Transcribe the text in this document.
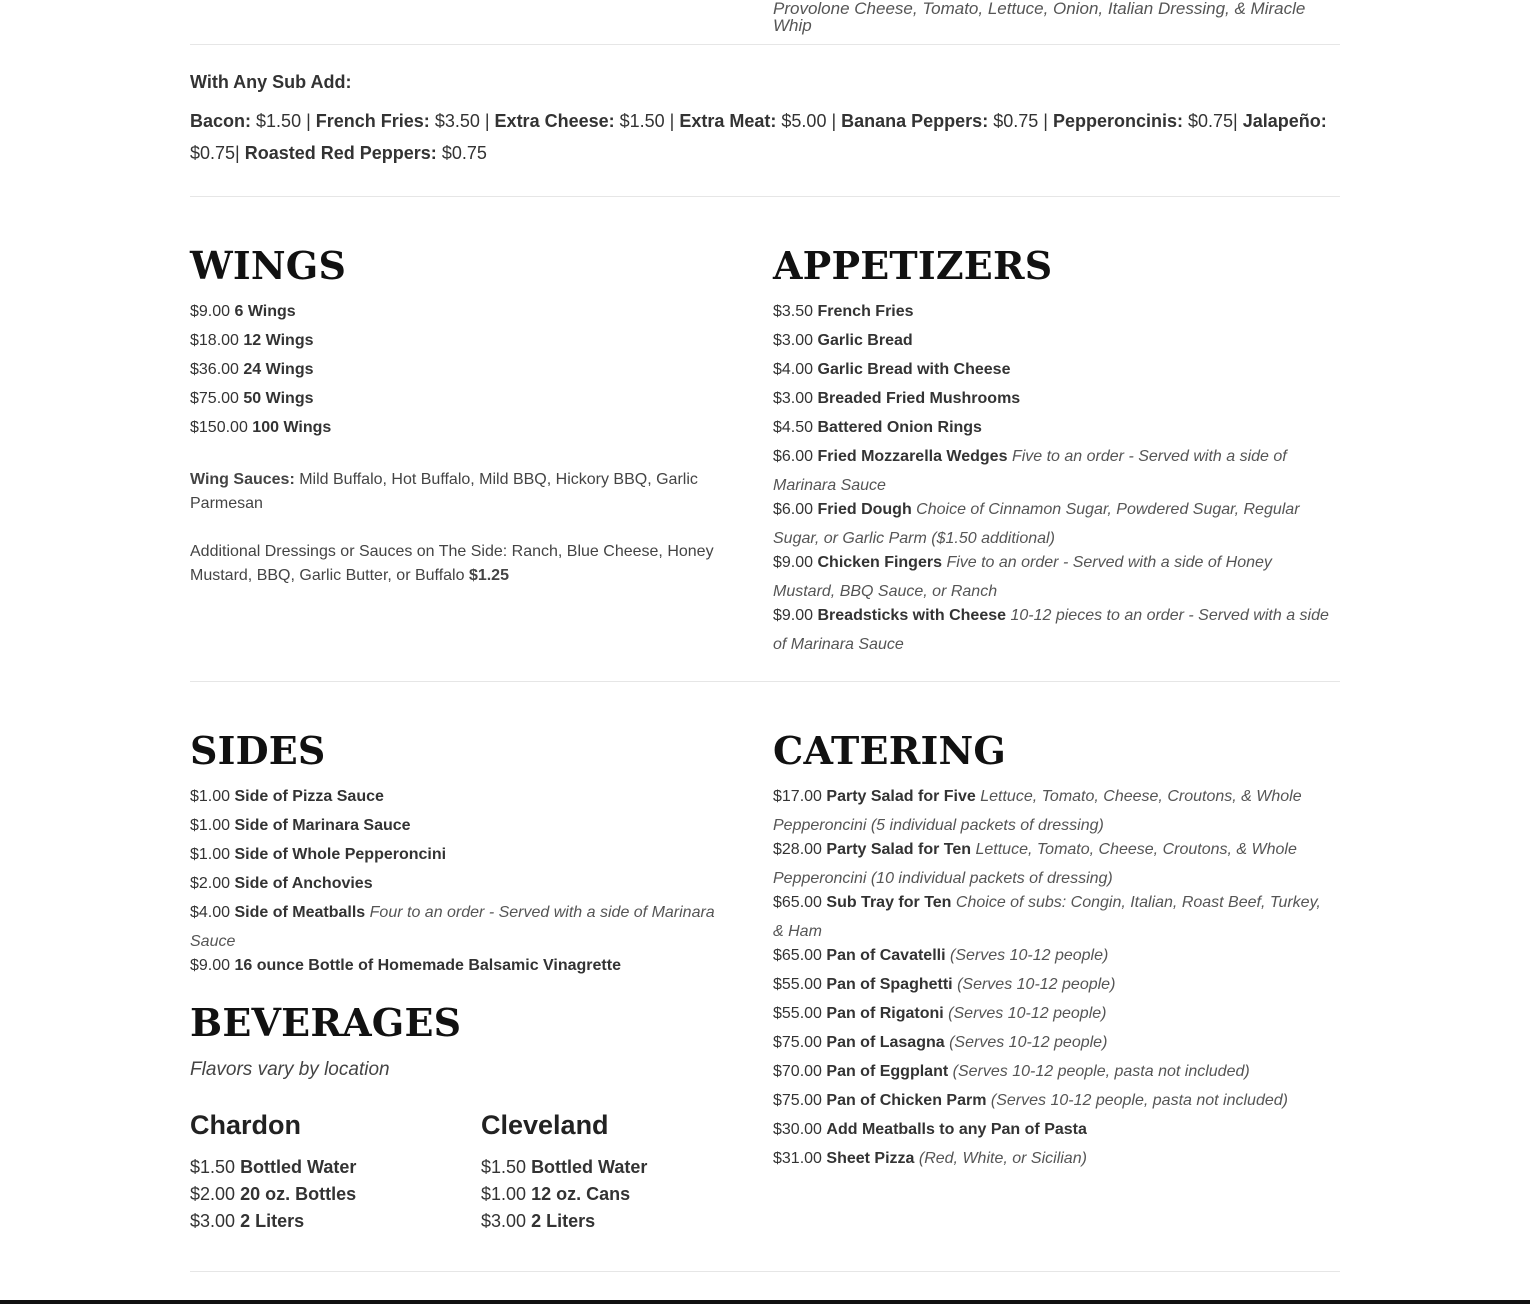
Provolone Cheese, Tomato, Lettuce, Onion, Italian Dressing, & Miracle Whip
With Any Sub Add:
Bacon: $1.50 | French Fries: $3.50 | Extra Cheese: $1.50 | Extra Meat: $5.00 | Banana Peppers: $0.75 | Pepperoncinis: $0.75| Jalapeño: $0.75| Roasted Red Peppers: $0.75
WINGS
$9.00 6 Wings
$18.00 12 Wings
$36.00 24 Wings
$75.00 50 Wings
$150.00 100 Wings
Wing Sauces: Mild Buffalo, Hot Buffalo, Mild BBQ, Hickory BBQ, Garlic Parmesan
Additional Dressings or Sauces on The Side: Ranch, Blue Cheese, Honey Mustard, BBQ, Garlic Butter, or Buffalo $1.25
APPETIZERS
$3.50 French Fries
$3.00 Garlic Bread
$4.00 Garlic Bread with Cheese
$3.00 Breaded Fried Mushrooms
$4.50 Battered Onion Rings
$6.00 Fried Mozzarella Wedges Five to an order - Served with a side of Marinara Sauce
$6.00 Fried Dough Choice of Cinnamon Sugar, Powdered Sugar, Regular Sugar, or Garlic Parm ($1.50 additional)
$9.00 Chicken Fingers Five to an order - Served with a side of Honey Mustard, BBQ Sauce, or Ranch
$9.00 Breadsticks with Cheese 10-12 pieces to an order - Served with a side of Marinara Sauce
SIDES
$1.00 Side of Pizza Sauce
$1.00 Side of Marinara Sauce
$1.00 Side of Whole Pepperoncini
$2.00 Side of Anchovies
$4.00 Side of Meatballs Four to an order - Served with a side of Marinara Sauce
$9.00 16 ounce Bottle of Homemade Balsamic Vinagrette
BEVERAGES
Flavors vary by location
Chardon
$1.50 Bottled Water
$2.00 20 oz. Bottles
$3.00 2 Liters
Cleveland
$1.50 Bottled Water
$1.00 12 oz. Cans
$3.00 2 Liters
CATERING
$17.00 Party Salad for Five Lettuce, Tomato, Cheese, Croutons, & Whole Pepperoncini (5 individual packets of dressing)
$28.00 Party Salad for Ten Lettuce, Tomato, Cheese, Croutons, & Whole Pepperoncini (10 individual packets of dressing)
$65.00 Sub Tray for Ten Choice of subs: Congin, Italian, Roast Beef, Turkey, & Ham
$65.00 Pan of Cavatelli (Serves 10-12 people)
$55.00 Pan of Spaghetti (Serves 10-12 people)
$55.00 Pan of Rigatoni (Serves 10-12 people)
$75.00 Pan of Lasagna (Serves 10-12 people)
$70.00 Pan of Eggplant (Serves 10-12 people, pasta not included)
$75.00 Pan of Chicken Parm (Serves 10-12 people, pasta not included)
$30.00 Add Meatballs to any Pan of Pasta
$31.00 Sheet Pizza (Red, White, or Sicilian)
